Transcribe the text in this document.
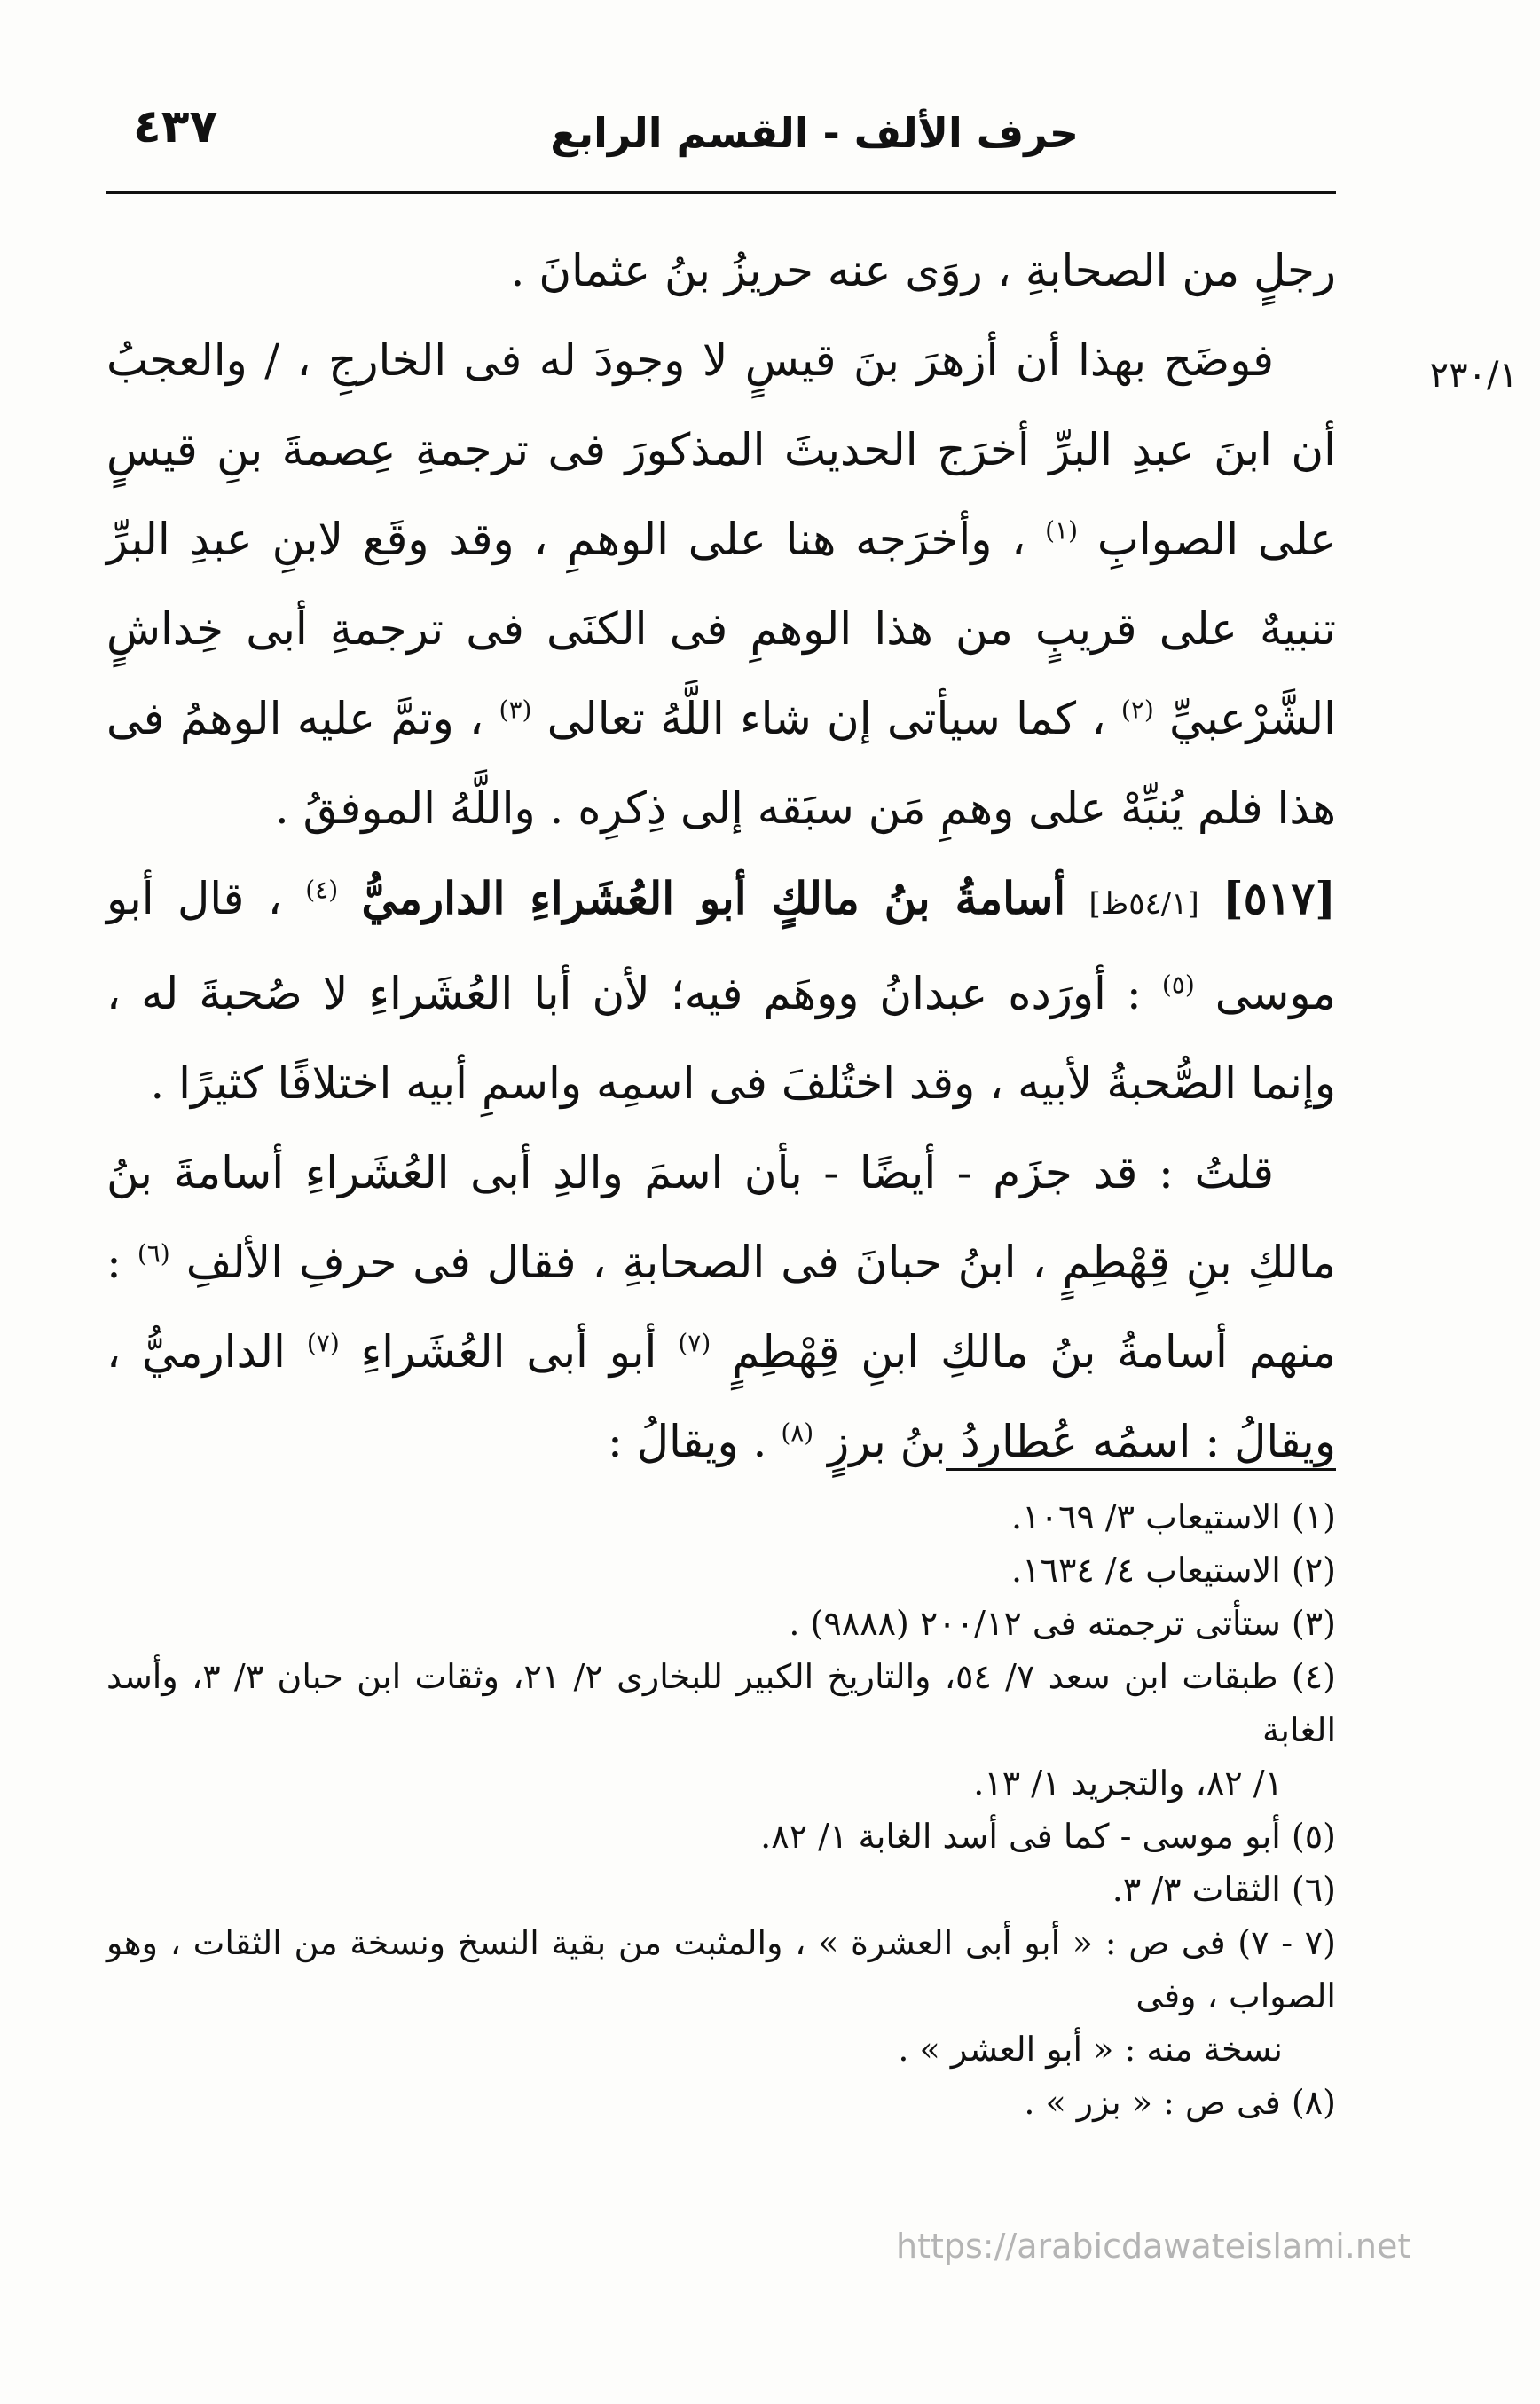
حرف الألف - القسم الرابع
٤٣٧
٢٣٠/١

رجلٍ من الصحابةِ ، روَى عنه حريزُ بنُ عثمانَ .

فوضَح بهذا أن أزهرَ بنَ قيسٍ لا وجودَ له فى الخارجِ ، / والعجبُ أن ابنَ عبدِ البرِّ أخرَج الحديثَ المذكورَ فى ترجمةِ عِصمةَ بنِ قيسٍ على الصوابِ $^{(١)}$ ، وأخرَجه هنا على الوهمِ ، وقد وقَع لابنِ عبدِ البرِّ تنبيهٌ على قريبٍ من هذا الوهمِ فى الكنَى فى ترجمةِ أبى خِداشٍ الشَّرْعبيِّ $^{(٢)}$ ، كما سيأتى إن شاء اللَّهُ تعالى $^{(٣)}$ ، وتمَّ عليه الوهمُ فى هذا فلم يُنبِّهْ على وهمِ مَن سبَقه إلى ذِكرِه . واللَّهُ الموفقُ .

[٥١٧] [٥٤/١ظ] أسامةُ بنُ مالكٍ أبو العُشَراءِ الدارميُّ $^{(٤)}$ ، قال أبو موسى $^{(٥)}$ : أورَده عبدانُ ووهَم فيه؛ لأن أبا العُشَراءِ لا صُحبةَ له ، وإنما الصُّحبةُ لأبيه ، وقد اختُلفَ فى اسمِه واسمِ أبيه اختلافًا كثيرًا .

قلتُ : قد جزَم - أيضًا - بأن اسمَ والدِ أبى العُشَراءِ أسامةَ بنُ مالكِ بنِ قِهْطِمٍ ، ابنُ حبانَ فى الصحابةِ ، فقال فى حرفِ الألفِ $^{(٦)}$ : منهم أسامةُ بنُ مالكِ ابنِ قِهْطِمٍ $^{(٧)}$ أبو أبى العُشَراءِ $^{(٧)}$ الدارميُّ ، ويقالُ : اسمُه عُطاردُ بنُ برزٍ $^{(٨)}$ . ويقالُ :

(١) الاستيعاب ٣/ ١٠٦٩.

(٢) الاستيعاب ٤/ ١٦٣٤.

(٣) ستأتى ترجمته فى ٢٠٠/١٢ (٩٨٨٨) .

(٤) طبقات ابن سعد ٧/ ٥٤، والتاريخ الكبير للبخارى ٢/ ٢١، وثقات ابن حبان ٣/ ٣، وأسد الغابة

١/ ٨٢، والتجريد ١/ ١٣.

(٥) أبو موسى - كما فى أسد الغابة ١/ ٨٢.

(٦) الثقات ٣/ ٣.

(٧ - ٧) فى ص : « أبو أبى العشرة » ، والمثبت من بقية النسخ ونسخة من الثقات ، وهو الصواب ، وفى

نسخة منه : « أبو العشر » .

(٨) فى ص : « بزر » .

https://arabicdawateislami.net
